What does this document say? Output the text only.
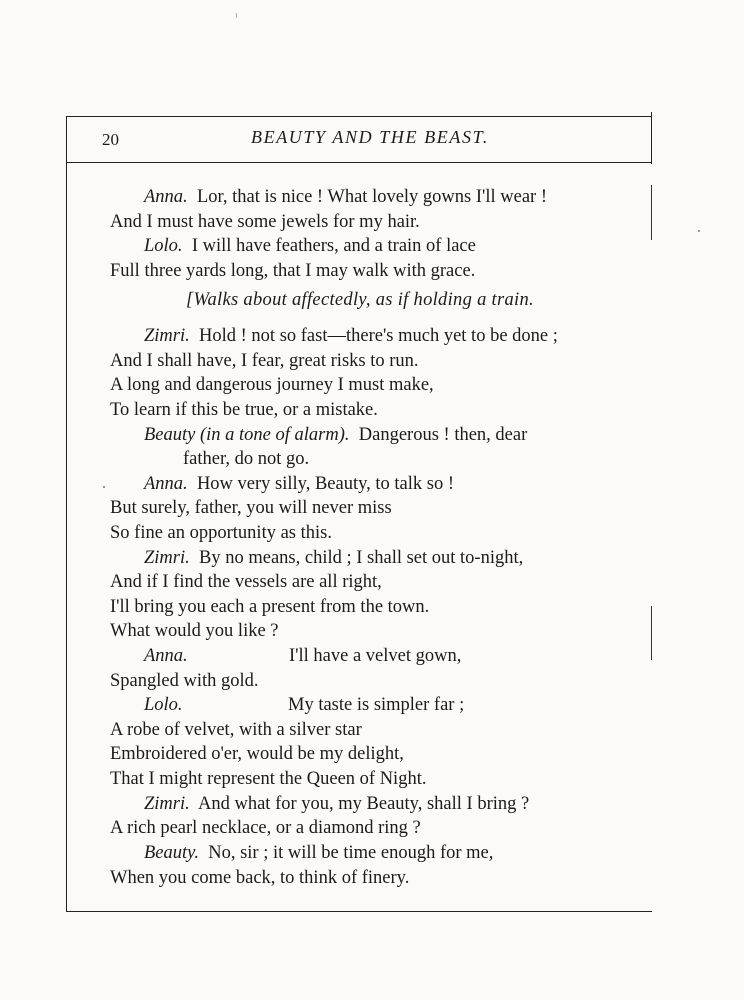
20	BEAUTY AND THE BEAST.
Anna. Lor, that is nice ! What lovely gowns I'll wear !
And I must have some jewels for my hair.
Lolo. I will have feathers, and a train of lace
Full three yards long, that I may walk with grace.
[Walks about affectedly, as if holding a train.
Zimri. Hold ! not so fast—there's much yet to be done ;
And I shall have, I fear, great risks to run.
A long and dangerous journey I must make,
To learn if this be true, or a mistake.
Beauty (in a tone of alarm). Dangerous ! then, dear
father, do not go.
Anna. How very silly, Beauty, to talk so !
But surely, father, you will never miss
So fine an opportunity as this.
Zimri. By no means, child ; I shall set out to-night,
And if I find the vessels are all right,
I'll bring you each a present from the town.
What would you like ?
Anna.	I'll have a velvet gown,
Spangled with gold.
Lolo.	My taste is simpler far ;
A robe of velvet, with a silver star
Embroidered o'er, would be my delight,
That I might represent the Queen of Night.
Zimri. And what for you, my Beauty, shall I bring ?
A rich pearl necklace, or a diamond ring ?
Beauty. No, sir ; it will be time enough for me,
When you come back, to think of finery.
